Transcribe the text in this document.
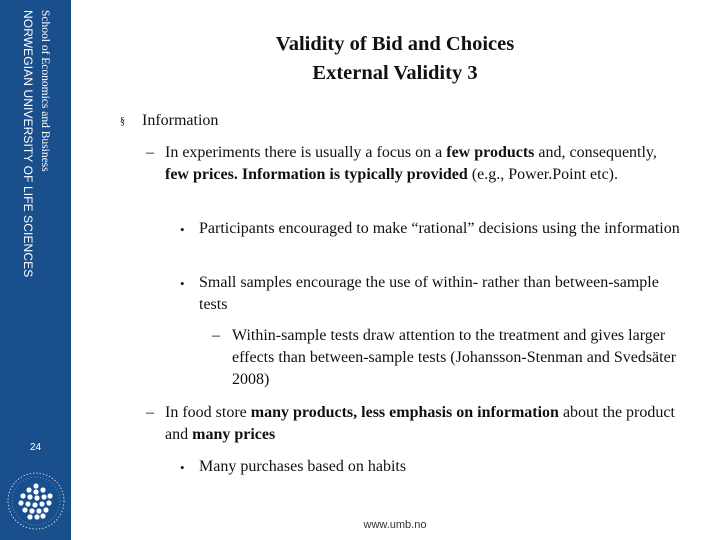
School of Economics and Business
NORWEGIAN UNIVERSITY OF LIFE SCIENCES
24
Validity of Bid and Choices
External Validity 3
§	Information
– In experiments there is usually a focus on a few products and, consequently, few prices. Information is typically provided (e.g., Power.Point etc).
• Participants encouraged to make “rational” decisions using the information
• Small samples encourage the use of within- rather than between-sample tests
– Within-sample tests draw attention to the treatment and gives larger effects than between-sample tests (Johansson-Stenman and Svedsäter 2008)
– In food store many products, less emphasis on information about the product and many prices
• Many purchases based on habits
www.umb.no
